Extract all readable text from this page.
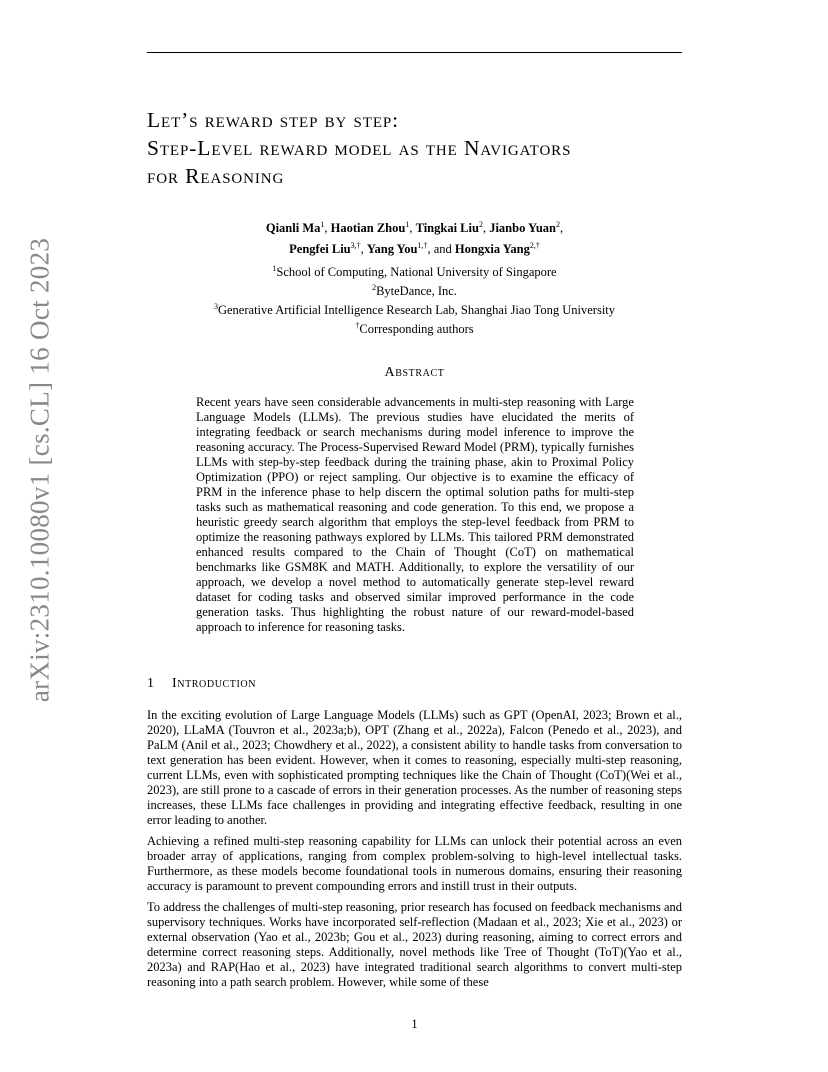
arXiv:2310.10080v1 [cs.CL] 16 Oct 2023
Let’s reward step by step:
Step-Level reward model as the Navigators
for Reasoning
Qianli Ma$^1$, Haotian Zhou$^1$, Tingkai Liu$^2$, Jianbo Yuan$^2$,
Pengfei Liu$^{3,\dagger}$, Yang You$^{1,\dagger}$, and Hongxia Yang$^{2,\dagger}$
$^1$School of Computing, National University of Singapore
$^2$ByteDance, Inc.
$^3$Generative Artificial Intelligence Research Lab, Shanghai Jiao Tong University
†Corresponding authors
Abstract
Recent years have seen considerable advancements in multi-step reasoning with Large Language Models (LLMs). The previous studies have elucidated the merits of integrating feedback or search mechanisms during model inference to improve the reasoning accuracy. The Process-Supervised Reward Model (PRM), typically furnishes LLMs with step-by-step feedback during the training phase, akin to Proximal Policy Optimization (PPO) or reject sampling. Our objective is to examine the efficacy of PRM in the inference phase to help discern the optimal solution paths for multi-step tasks such as mathematical reasoning and code generation. To this end, we propose a heuristic greedy search algorithm that employs the step-level feedback from PRM to optimize the reasoning pathways explored by LLMs. This tailored PRM demonstrated enhanced results compared to the Chain of Thought (CoT) on mathematical benchmarks like GSM8K and MATH. Additionally, to explore the versatility of our approach, we develop a novel method to automatically generate step-level reward dataset for coding tasks and observed similar improved performance in the code generation tasks. Thus highlighting the robust nature of our reward-model-based approach to inference for reasoning tasks.
1 Introduction
In the exciting evolution of Large Language Models (LLMs) such as GPT (OpenAI, 2023; Brown et al., 2020), LLaMA (Touvron et al., 2023a;b), OPT (Zhang et al., 2022a), Falcon (Penedo et al., 2023), and PaLM (Anil et al., 2023; Chowdhery et al., 2022), a consistent ability to handle tasks from conversation to text generation has been evident. However, when it comes to reasoning, especially multi-step reasoning, current LLMs, even with sophisticated prompting techniques like the Chain of Thought (CoT)(Wei et al., 2023), are still prone to a cascade of errors in their generation processes. As the number of reasoning steps increases, these LLMs face challenges in providing and integrating effective feedback, resulting in one error leading to another.
Achieving a refined multi-step reasoning capability for LLMs can unlock their potential across an even broader array of applications, ranging from complex problem-solving to high-level intellectual tasks. Furthermore, as these models become foundational tools in numerous domains, ensuring their reasoning accuracy is paramount to prevent compounding errors and instill trust in their outputs.
To address the challenges of multi-step reasoning, prior research has focused on feedback mechanisms and supervisory techniques. Works have incorporated self-reflection (Madaan et al., 2023; Xie et al., 2023) or external observation (Yao et al., 2023b; Gou et al., 2023) during reasoning, aiming to correct errors and determine correct reasoning steps. Additionally, novel methods like Tree of Thought (ToT)(Yao et al., 2023a) and RAP(Hao et al., 2023) have integrated traditional search algorithms to convert multi-step reasoning into a path search problem. However, while some of these
1
